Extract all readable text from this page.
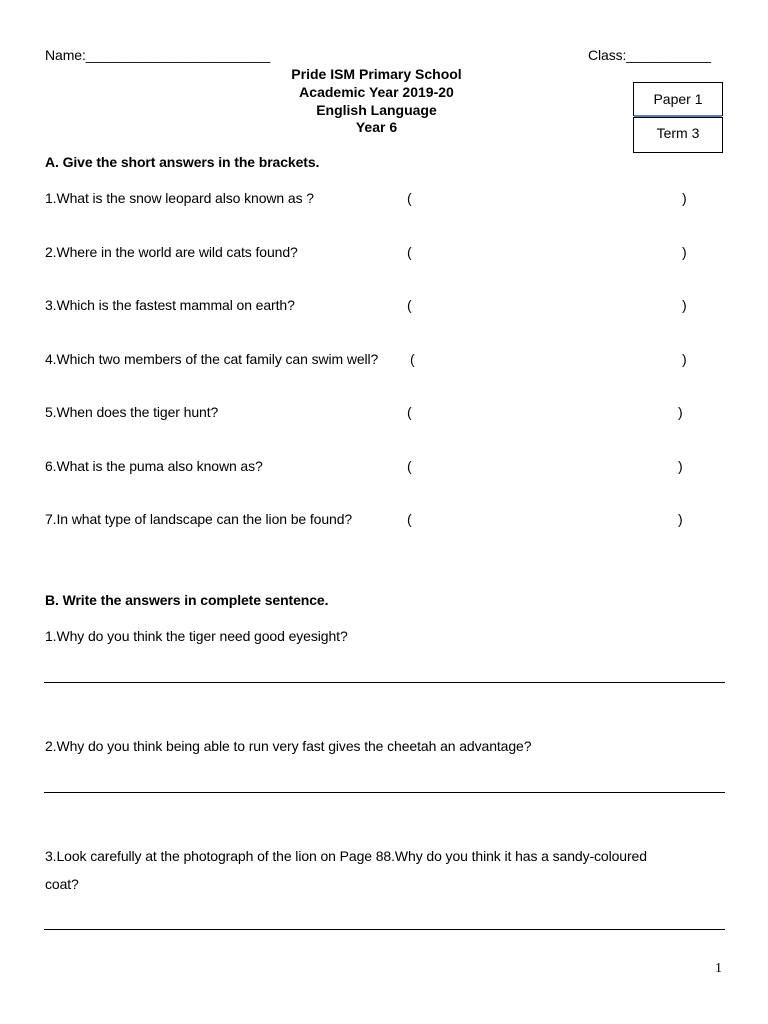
Name:________________________	Class:___________
Pride ISM Primary School
Academic Year 2019-20
English Language
Year 6
Paper 1
Term 3
A. Give the short answers in the brackets.
1.What is the snow leopard also known as ?	(	)
2.Where in the world are wild cats found?	(	)
3.Which is the fastest mammal on earth?	(	)
4.Which two members of the cat family can swim well? (	)
5.When does the tiger hunt?	(	)
6.What is the puma also known as?	(	)
7.In what type of landscape can the lion be found?	(	)
B. Write the answers in complete sentence.
1.Why do you think the tiger need good eyesight?
2.Why do you think being able to run very fast gives the cheetah an advantage?
3.Look carefully at the photograph of the lion on Page 88.Why do you think it has a sandy-coloured
coat?
1
